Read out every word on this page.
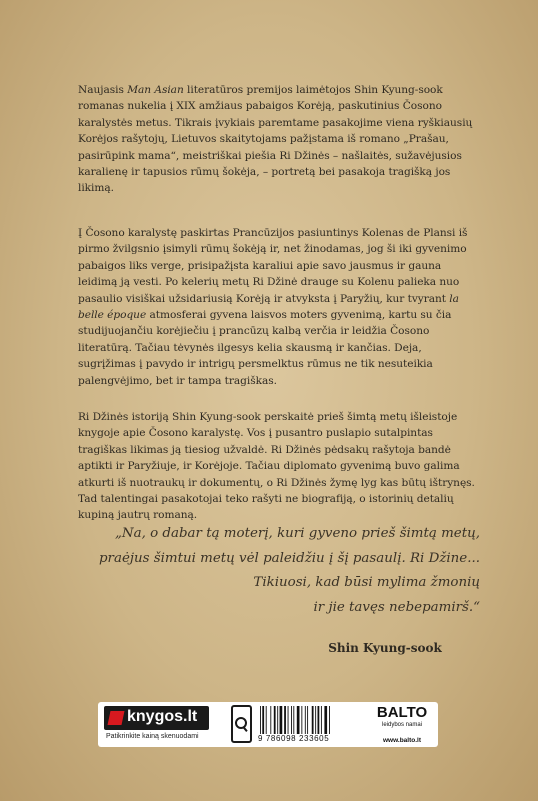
Naujasis Man Asian literatūros premijos laimėtojos Shin Kyung-sook romanas nukelia į XIX amžiaus pabaigos Korėją, paskutinius Čosono karalystės metus. Tikrais įvykiais paremtame pasakojime viena ryškiausių Korėjos rašytojų, Lietuvos skaitytojams pažįstama iš romano „Prašau, pasirūpink mama“, meistriškai piešia Ri Džinės – našlaitės, sužavėjusios karalienę ir tapusios rūmų šokėja, – portretą bei pasakoja tragišką jos likimą.

Į Čosono karalystę paskirtas Prancūzijos pasiuntinys Kolenas de Plansi iš pirmo žvilgsnio įsimyli rūmų šokėją ir, net žinodamas, jog ši iki gyvenimo pabaigos liks verge, prisipažįsta karaliui apie savo jausmus ir gauna leidimą ją vesti. Po kelerių metų Ri Džinė drauge su Kolenu palieka nuo pasaulio visiškai užsidariusią Korėją ir atvyksta į Paryžių, kur tvyrant la belle époque atmosferai gyvena laisvos moters gyvenimą, kartu su čia studijuojančiu korėjiečiu į prancūzų kalbą verčia ir leidžia Čosono literatūrą. Tačiau tėvynės ilgesys kelia skausmą ir kančias. Deja, sugrįžimas į pavydo ir intrigų persmelktus rūmus ne tik nesuteikia palengvėjimo, bet ir tampa tragiškas.

Ri Džinės istoriją Shin Kyung-sook perskaitė prieš šimtą metų išleistoje knygoje apie Čosono karalystę. Vos į pusantro puslapio sutalpintas tragiškas likimas ją tiesiog užvaldė. Ri Džinės pėdsakų rašytoja bandė aptikti ir Paryžiuje, ir Korėjoje. Tačiau diplomato gyvenimą buvo galima atkurti iš nuotraukų ir dokumentų, o Ri Džinės žymę lyg kas būtų ištrynęs. Tad talentingai pasakotojai teko rašyti ne biografiją, o istorinių detalių kupiną jautrų romaną.

„Na, o dabar tą moterį, kuri gyveno prieš šimtą metų,
praėjus šimtui metų vėl paleidžiu į šį pasaulį. Ri Džine...
Tikiuosi, kad būsi mylima žmonių
ir jie tavęs nebepamirš.“
Shin Kyung-sook
knygos.lt
Patikrinkite kainą skenuodami	9 786098 233605
BALTO
leidybos namai
www.balto.lt
